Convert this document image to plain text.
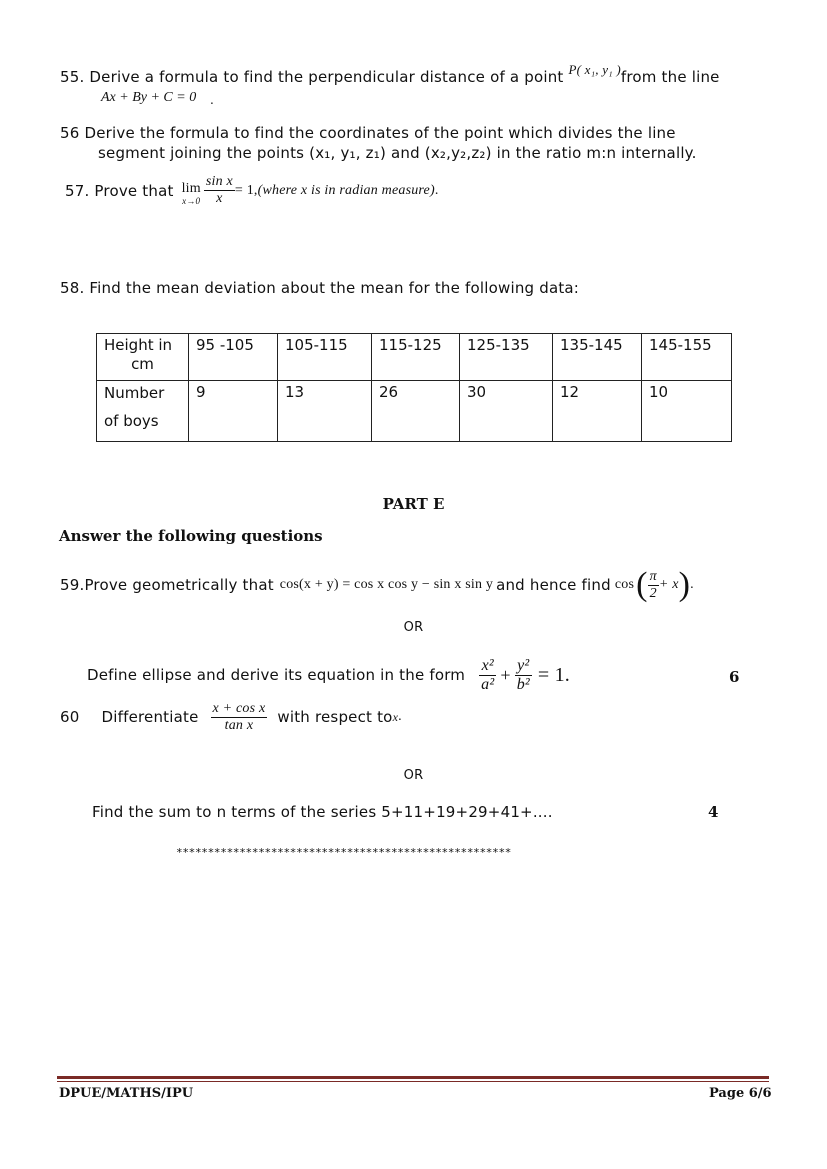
55. Derive a formula to find the perpendicular distance of a point P( x₁, y₁ )from the line
Ax + By + C = 0 .
56 Derive the formula to find the coordinates of the point which divides the line
segment joining the points (x₁, y₁, z₁) and (x₂,y₂,z₂) in the ratio m:n internally.
57. Prove that lim
$x\to 0 \frac{\text{sin x}}{x} = 1$, (where x is in radian measure) .
58. Find the mean deviation about the mean for the following data:
Height in
cm	95 -105	105-115	115-125	125-135	135-145	145-155

Number
of boys	9	13	26	30	12	10
PART E
Answer the following questions
59.Prove geometrically that cos(x + y) = cos x cos y − sin x sin y and hence find cos ( $\frac{\pi}{2} + x$ ) .
OR
Define ellipse and derive its equation in the form $\frac{\text{x²}}{\text{a²}} + \frac{\text{y²}}{\text{b²}} = 1$.	6
60 Differentiate $\frac{\text{x + cos x}}{\text{tan x}}$ with respect to x .
OR
Find the sum to n terms of the series 5+11+19+29+41+....	4
*****************************************************
DPUE/MATHS/IPU	Page 6/6
